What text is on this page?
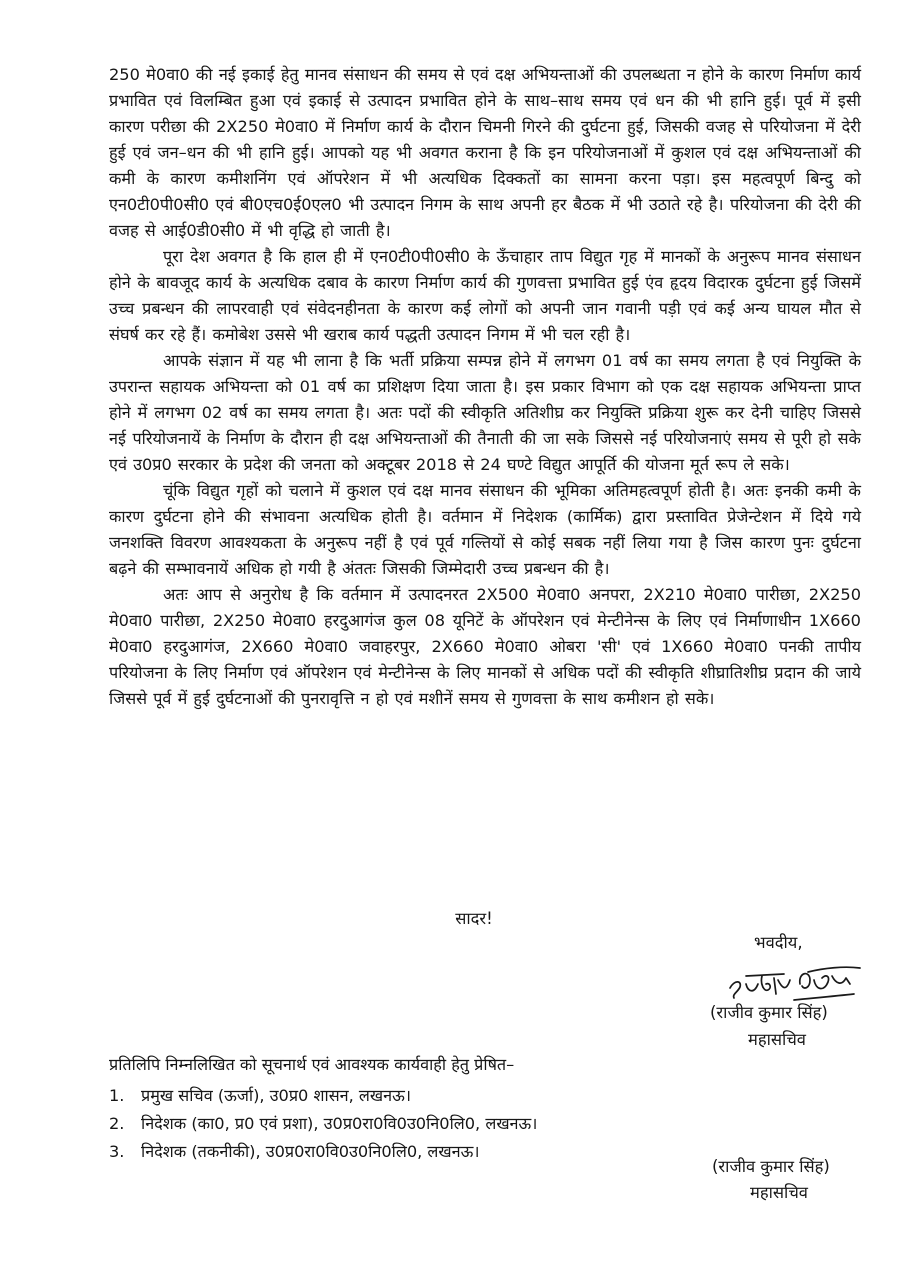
250 मे0वा0 की नई इकाई हेतु मानव संसाधन की समय से एवं दक्ष अभियन्ताओं की उपलब्धता न होने के कारण निर्माण कार्य प्रभावित एवं विलम्बित हुआ एवं इकाई से उत्पादन प्रभावित होने के साथ–साथ समय एवं धन की भी हानि हुई। पूर्व में इसी कारण परीछा की 2X250 मे0वा0 में निर्माण कार्य के दौरान चिमनी गिरने की दुर्घटना हुई, जिसकी वजह से परियोजना में देरी हुई एवं जन–धन की भी हानि हुई। आपको यह भी अवगत कराना है कि इन परियोजनाओं में कुशल एवं दक्ष अभियन्ताओं की कमी के कारण कमीशनिंग एवं ऑपरेशन में भी अत्यधिक दिक्कतों का सामना करना पड़ा। इस महत्वपूर्ण बिन्दु को एन0टी0पी0सी0 एवं बी0एच0ई0एल0 भी उत्पादन निगम के साथ अपनी हर बैठक में भी उठाते रहे है। परियोजना की देरी की वजह से आई0डी0सी0 में भी वृद्धि हो जाती है।

पूरा देश अवगत है कि हाल ही में एन0टी0पी0सी0 के ऊँचाहार ताप विद्युत गृह में मानकों के अनुरूप मानव संसाधन होने के बावजूद कार्य के अत्यधिक दबाव के कारण निर्माण कार्य की गुणवत्ता प्रभावित हुई एंव हृदय विदारक दुर्घटना हुई जिसमें उच्च प्रबन्धन की लापरवाही एवं संवेदनहीनता के कारण कई लोगों को अपनी जान गवानी पड़ी एवं कई अन्य घायल मौत से संघर्ष कर रहे हैं। कमोबेश उससे भी खराब कार्य पद्धती उत्पादन निगम में भी चल रही है।

आपके संज्ञान में यह भी लाना है कि भर्ती प्रक्रिया सम्पन्न होने में लगभग 01 वर्ष का समय लगता है एवं नियुक्ति के उपरान्त सहायक अभियन्ता को 01 वर्ष का प्रशिक्षण दिया जाता है। इस प्रकार विभाग को एक दक्ष सहायक अभियन्ता प्राप्त होने में लगभग 02 वर्ष का समय लगता है। अतः पदों की स्वीकृति अतिशीघ्र कर नियुक्ति प्रक्रिया शुरू कर देनी चाहिए जिससे नई परियोजनायें के निर्माण के दौरान ही दक्ष अभियन्ताओं की तैनाती की जा सके जिससे नई परियोजनाएं समय से पूरी हो सके एवं उ0प्र0 सरकार के प्रदेश की जनता को अक्टूबर 2018 से 24 घण्टे विद्युत आपूर्ति की योजना मूर्त रूप ले सके।

चूंकि विद्युत गृहों को चलाने में कुशल एवं दक्ष मानव संसाधन की भूमिका अतिमहत्वपूर्ण होती है। अतः इनकी कमी के कारण दुर्घटना होने की संभावना अत्यधिक होती है। वर्तमान में निदेशक (कार्मिक) द्वारा प्रस्तावित प्रेजेन्टेशन में दिये गये जनशक्ति विवरण आवश्यकता के अनुरूप नहीं है एवं पूर्व गल्तियों से कोई सबक नहीं लिया गया है जिस कारण पुनः दुर्घटना बढ़ने की सम्भावनायें अधिक हो गयी है अंततः जिसकी जिम्मेदारी उच्च प्रबन्धन की है।

अतः आप से अनुरोध है कि वर्तमान में उत्पादनरत 2X500 मे0वा0 अनपरा, 2X210 मे0वा0 पारीछा, 2X250 मे0वा0 पारीछा, 2X250 मे0वा0 हरदुआगंज कुल 08 यूनिटें के ऑपरेशन एवं मेन्टीनेन्स के लिए एवं निर्माणाधीन 1X660 मे0वा0 हरदुआगंज, 2X660 मे0वा0 जवाहरपुर, 2X660 मे0वा0 ओबरा 'सी' एवं 1X660 मे0वा0 पनकी तापीय परियोजना के लिए निर्माण एवं ऑपरेशन एवं मेन्टीनेन्स के लिए मानकों से अधिक पदों की स्वीकृति शीघ्रातिशीघ्र प्रदान की जाये जिससे पूर्व में हुई दुर्घटनाओं की पुनरावृत्ति न हो एवं मशीनें समय से गुणवत्ता के साथ कमीशन हो सके।

सादर!
भवदीय,
(राजीव कुमार सिंह)
महासचिव
प्रतिलिपि निम्नलिखित को सूचनार्थ एवं आवश्यक कार्यवाही हेतु प्रेषित–
1.	प्रमुख सचिव (ऊर्जा), उ0प्र0 शासन, लखनऊ।
2.	निदेशक (का0, प्र0 एवं प्रशा), उ0प्र0रा0वि0उ0नि0लि0, लखनऊ।
3.	निदेशक (तकनीकी), उ0प्र0रा0वि0उ0नि0लि0, लखनऊ।
(राजीव कुमार सिंह)
महासचिव
